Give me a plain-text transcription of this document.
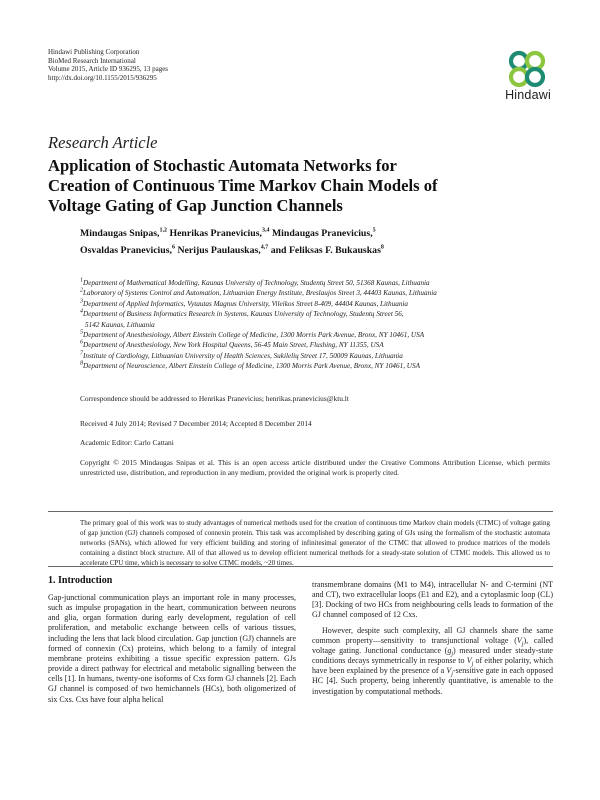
Hindawi Publishing Corporation
BioMed Research International
Volume 2015, Article ID 936295, 13 pages
http://dx.doi.org/10.1155/2015/936295
Hindawi
Research Article
Application of Stochastic Automata Networks for
Creation of Continuous Time Markov Chain Models of
Voltage Gating of Gap Junction Channels
Mindaugas Snipas,$^{1,2}$ Henrikas Pranevicius,$^{3,4}$ Mindaugas Pranevicius,$^5$
Osvaldas Pranevicius,$^6$ Nerijus Paulauskas,$^{4,7}$ and Feliksas F. Bukauskas$^8$
$^1$Department of Mathematical Modelling, Kaunas University of Technology, Studentų Street 50, 51368 Kaunas, Lithuania
$^2$Laboratory of Systems Control and Automation, Lithuanian Energy Institute, Breslaujos Street 3, 44403 Kaunas, Lithuania
$^3$Department of Applied Informatics, Vytautas Magnus University, Vileikos Street 8-409, 44404 Kaunas, Lithuania
$^4$Department of Business Informatics Research in Systems, Kaunas University of Technology, Studentų Street 56,
5142 Kaunas, Lithuania
$^5$Department of Anesthesiology, Albert Einstein College of Medicine, 1300 Morris Park Avenue, Bronx, NY 10461, USA
$^6$Department of Anesthesiology, New York Hospital Queens, 56-45 Main Street, Flushing, NY 11355, USA
$^7$Institute of Cardiology, Lithuanian University of Health Sciences, Sukilelių Street 17, 50009 Kaunas, Lithuania
$^8$Department of Neuroscience, Albert Einstein College of Medicine, 1300 Morris Park Avenue, Bronx, NY 10461, USA
Correspondence should be addressed to Henrikas Pranevicius; henrikas.pranevicius@ktu.lt
Received 4 July 2014; Revised 7 December 2014; Accepted 8 December 2014
Academic Editor: Carlo Cattani
Copyright © 2015 Mindaugas Snipas et al. This is an open access article distributed under the Creative Commons Attribution License, which permits unrestricted use, distribution, and reproduction in any medium, provided the original work is properly cited.
The primary goal of this work was to study advantages of numerical methods used for the creation of continuous time Markov chain models (CTMC) of voltage gating of gap junction (GJ) channels composed of connexin protein. This task was accomplished by describing gating of GJs using the formalism of the stochastic automata networks (SANs), which allowed for very efficient building and storing of infinitesimal generator of the CTMC that allowed to produce matrices of the models containing a distinct block structure. All of that allowed us to develop efficient numerical methods for a steady-state solution of CTMC models. This allowed us to accelerate CPU time, which is necessary to solve CTMC models, ~20 times.
1. Introduction

Gap-junctional communication plays an important role in many processes, such as impulse propagation in the heart, communication between neurons and glia, organ formation during early development, regulation of cell proliferation, and metabolic exchange between cells of various tissues, including the lens that lack blood circulation. Gap junction (GJ) channels are formed of connexin (Cx) proteins, which belong to a family of integral membrane proteins exhibiting a tissue specific expression pattern. GJs provide a direct pathway for electrical and metabolic signalling between the cells [1]. In humans, twenty-one isoforms of Cxs form GJ channels [2]. Each GJ channel is composed of two hemichannels (HCs), both oligomerized of six Cxs. Cxs have four alpha helical

transmembrane domains (M1 to M4), intracellular N- and C-termini (NT and CT), two extracellular loops (E1 and E2), and a cytoplasmic loop (CL) [3]. Docking of two HCs from neighbouring cells leads to formation of the GJ channel composed of 12 Cxs.

However, despite such complexity, all GJ channels share the same common property—sensitivity to transjunctional voltage $(V_j)$, called voltage gating. Junctional conductance $(g_j)$ measured under steady-state conditions decays symmetrically in response to $V_j$ of either polarity, which have been explained by the presence of a $V_j$-sensitive gate in each opposed HC [4]. Such property, being inherently quantitative, is amenable to the investigation by computational methods.
